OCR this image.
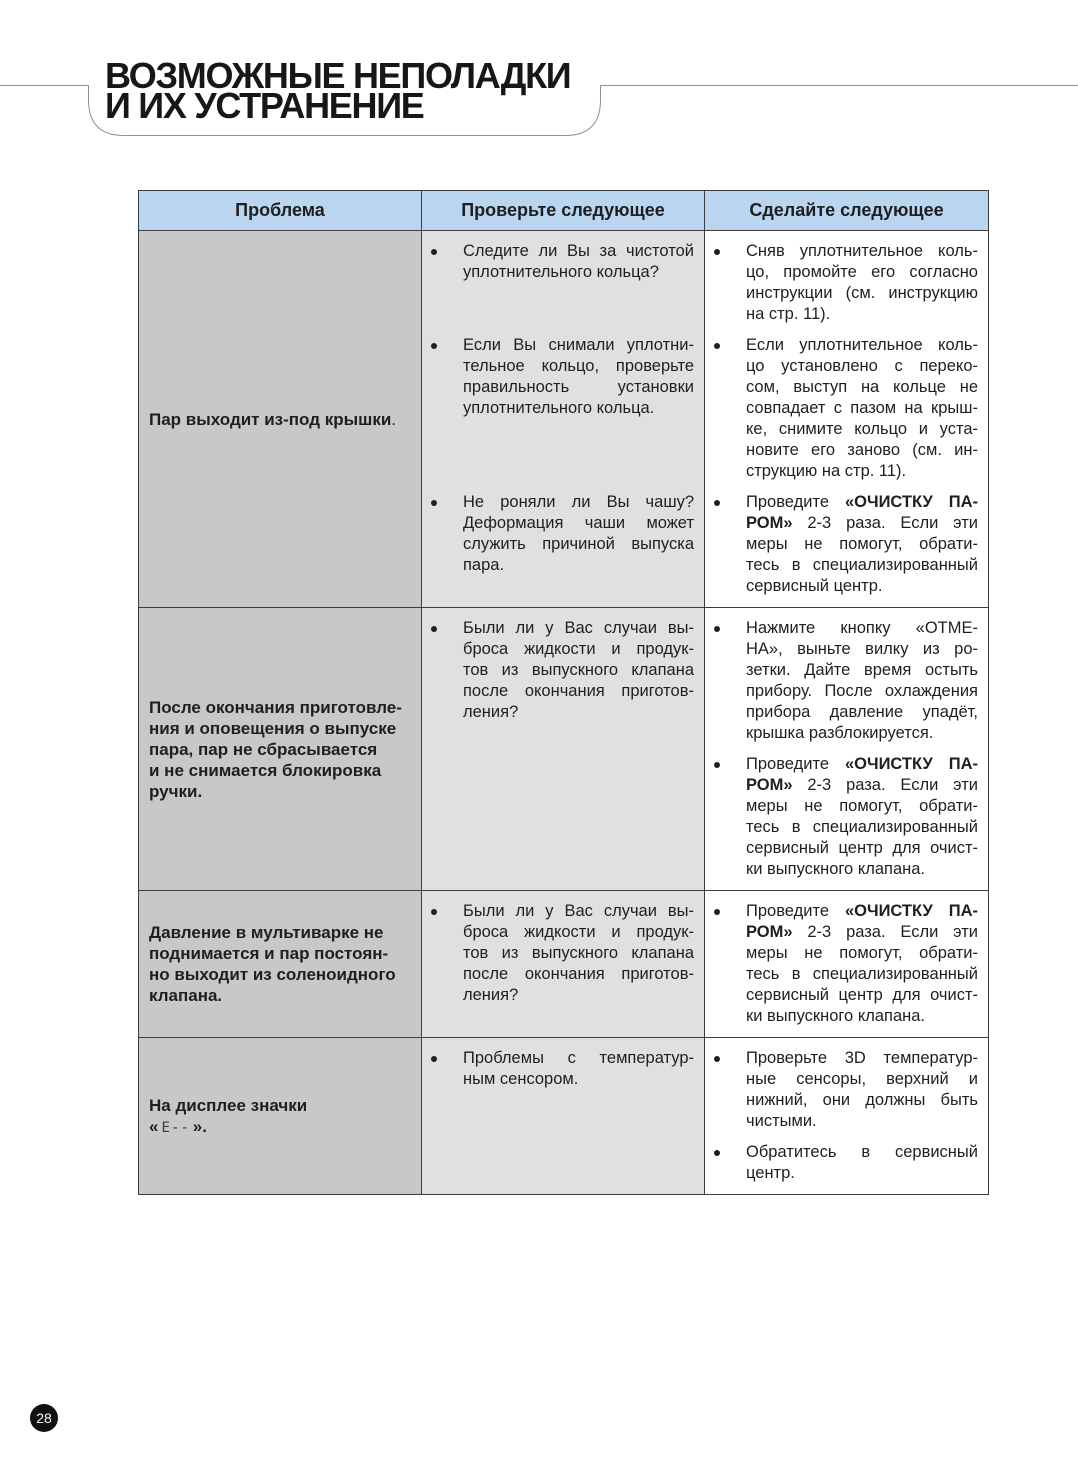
ВОЗМОЖНЫЕ НЕПОЛАДКИ
И ИХ УСТРАНЕНИЕ
Проблема	Проверьте следующее	Сделайте следующее
Пар выходит из-под крышки.
Следите ли Вы за чистотой
уплотнительного кольца?
Сняв уплотнительное коль-
цо, промойте его согласно
инструкции (см. инструкцию
на стр. 11).
Если Вы снимали уплотни-
тельное кольцо, проверьте
правильность установки
уплотнительного кольца.
Если уплотнительное коль-
цо установлено с переко-
сом, выступ на кольце не
совпадает с пазом на крыш-
ке, снимите кольцо и уста-
новите его заново (см. ин-
струкцию на стр. 11).
Не роняли ли Вы чашу?
Деформация чаши может
служить причиной выпуска
пара.
Проведите «ОЧИСТКУ ПА-
РОМ» 2-3 раза. Если эти
меры не помогут, обрати-
тесь в специализированный
сервисный центр.
После окончания приготовле-
ния и оповещения о выпуске
пара, пар не сбрасывается
и не снимается блокировка
ручки.
Были ли у Вас случаи вы-
броса жидкости и продук-
тов из выпускного клапана
после окончания приготов-
ления?
Нажмите кнопку «ОТМЕ-
НА», выньте вилку из ро-
зетки. Дайте время остыть
прибору. После охлаждения
прибора давление упадёт,
крышка разблокируется.
Проведите «ОЧИСТКУ ПА-
РОМ» 2-3 раза. Если эти
меры не помогут, обрати-
тесь в специализированный
сервисный центр для очист-
ки выпускного клапана.
Давление в мультиварке не
поднимается и пар постоян-
но выходит из соленоидного
клапана.
Были ли у Вас случаи вы-
броса жидкости и продук-
тов из выпускного клапана
после окончания приготов-
ления?
Проведите «ОЧИСТКУ ПА-
РОМ» 2-3 раза. Если эти
меры не помогут, обрати-
тесь в специализированный
сервисный центр для очист-
ки выпускного клапана.
На дисплее значки
« E-- ».
Проблемы с температур-
ным сенсором.
Проверьте 3D температур-
ные сенсоры, верхний и
нижний, они должны быть
чистыми.
Обратитесь в сервисный
центр.
28
